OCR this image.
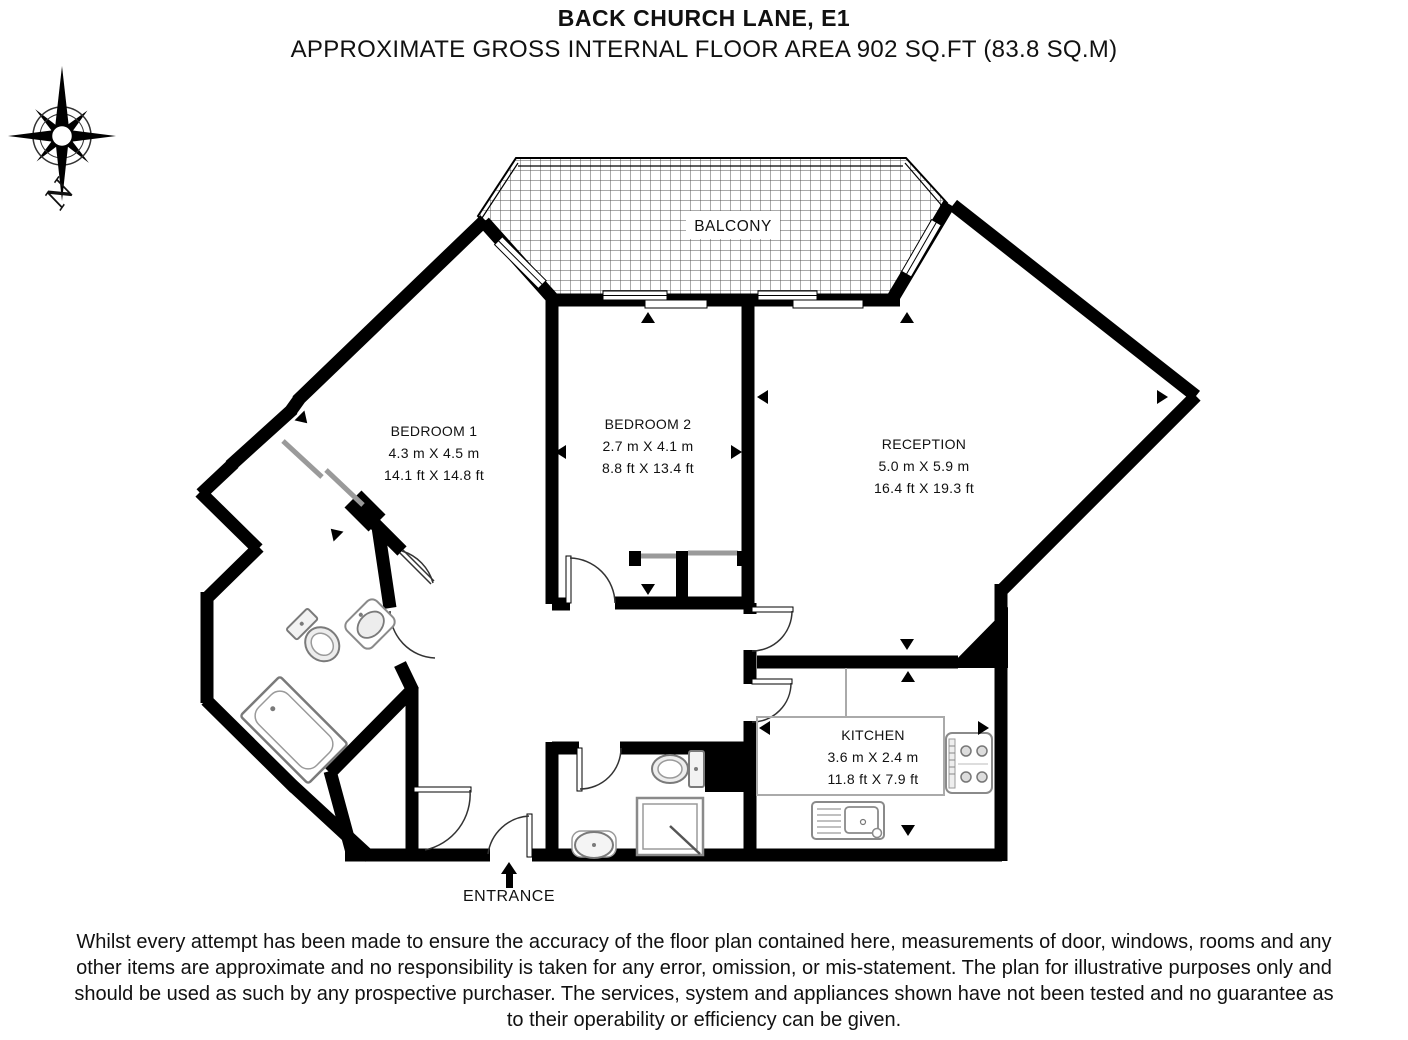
BACK CHURCH LANE, E1
APPROXIMATE GROSS INTERNAL FLOOR AREA 902 SQ.FT (83.8 SQ.M)
N
BALCONY
BEDROOM 1
4.3 m X 4.5 m
14.1 ft X 14.8 ft
BEDROOM 2
2.7 m X 4.1 m
8.8 ft X 13.4 ft
RECEPTION
5.0 m X 5.9 m
16.4 ft X 19.3 ft
KITCHEN
3.6 m X 2.4 m
11.8 ft X 7.9 ft
ENTRANCE
Whilst every attempt has been made to ensure the accuracy of the floor plan contained here, measurements of door, windows, rooms and any
other items are approximate and no responsibility is taken for any error, omission, or mis-statement. The plan for illustrative purposes only and
should be used as such by any prospective purchaser. The services, system and appliances shown have not been tested and no guarantee as
to their operability or efficiency can be given.
